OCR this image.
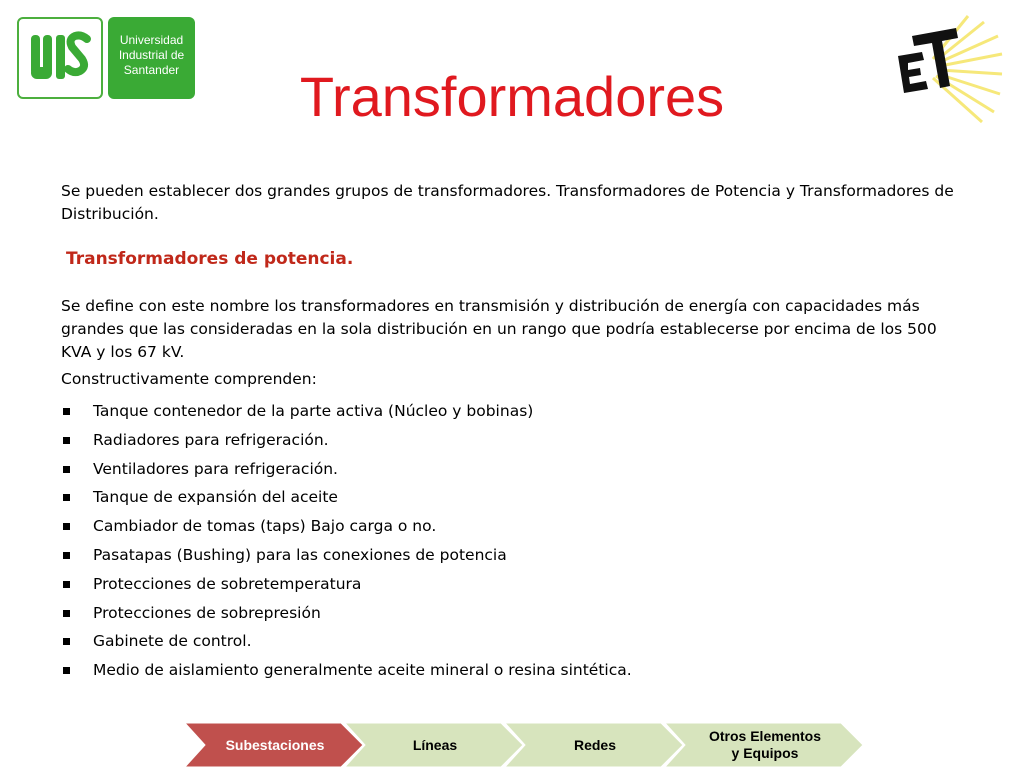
Universidad
Industrial de
Santander	Transformadores

Se pueden establecer dos grandes grupos de transformadores. Transformadores de Potencia y Transformadores de Distribución.

Transformadores de potencia.

Se define con este nombre los transformadores en transmisión y distribución de energía con capacidades más grandes que las consideradas en la sola distribución en un rango que podría establecerse por encima de los 500 KVA y los 67 kV.

Constructivamente comprenden:

Tanque contenedor de la parte activa (Núcleo y bobinas)
Radiadores para refrigeración.
Ventiladores para refrigeración.
Tanque de expansión del aceite
Cambiador de tomas (taps) Bajo carga o no.
Pasatapas (Bushing) para las conexiones de potencia
Protecciones de sobretemperatura
Protecciones de sobrepresión
Gabinete de control.
Medio de aislamiento generalmente aceite mineral o resina sintética.
Subestaciones	Líneas	Redes
Otros Elementos
y Equipos
